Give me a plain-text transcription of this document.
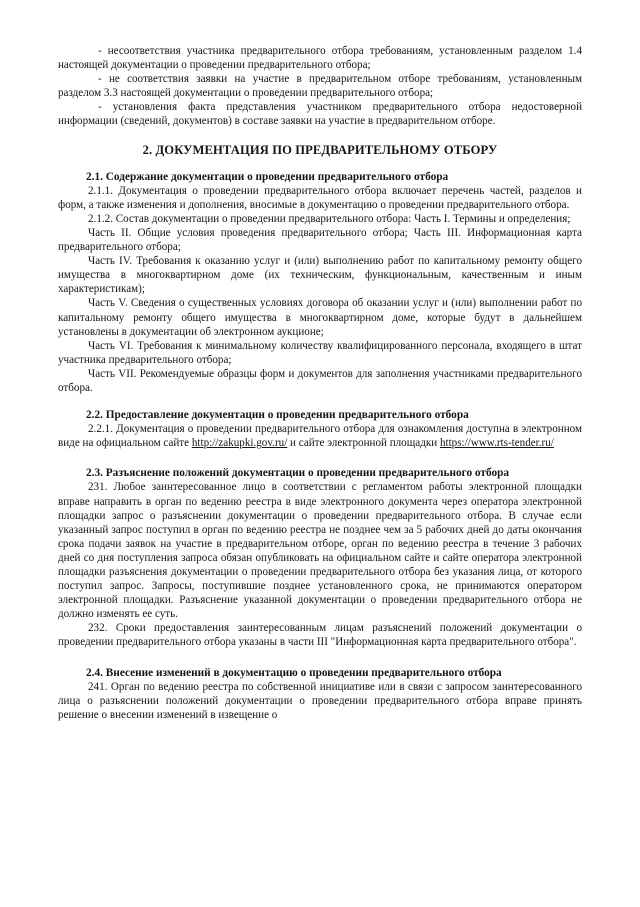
- несоответствия участника предварительного отбора требованиям, установленным разделом 1.4 настоящей документации о проведении предварительного отбора;

- не соответствия заявки на участие в предварительном отборе требованиям, установленным разделом 3.3 настоящей документации о проведении предварительного отбора;

- установления факта представления участником предварительного отбора недостоверной информации (сведений, документов) в составе заявки на участие в предварительном отборе.

2. ДОКУМЕНТАЦИЯ ПО ПРЕДВАРИТЕЛЬНОМУ ОТБОРУ

2.1. Содержание документации о проведении предварительного отбора

2.1.1. Документация о проведении предварительного отбора включает перечень частей, разделов и форм, а также изменения и дополнения, вносимые в документацию о проведении предварительного отбора.

2.1.2. Состав документации о проведении предварительного отбора: Часть I. Термины и определения;

Часть II. Общие условия проведения предварительного отбора; Часть III. Информационная карта предварительного отбора;

Часть IV. Требования к оказанию услуг и (или) выполнению работ по капитальному ремонту общего имущества в многоквартирном доме (их техническим, функциональным, качественным и иным характеристикам);

Часть V. Сведения о существенных условиях договора об оказании услуг и (или) выполнении работ по капитальному ремонту общего имущества в многоквартирном доме, которые будут в дальнейшем установлены в документации об электронном аукционе;

Часть VI. Требования к минимальному количеству квалифицированного персонала, входящего в штат участника предварительного отбора;

Часть VII. Рекомендуемые образцы форм и документов для заполнения участниками предварительного отбора.

2.2. Предоставление документации о проведении предварительного отбора

2.2.1. Документация о проведении предварительного отбора для ознакомления доступна в электронном виде на официальном сайте http://zakupki.gov.ru/ и сайте электронной площадки https://www.rts-tender.ru/

2.3. Разъяснение положений документации о проведении предварительного отбора

231. Любое заинтересованное лицо в соответствии с регламентом работы электронной площадки вправе направить в орган по ведению реестра в виде электронного документа через оператора электронной площадки запрос о разъяснении документации о проведении предварительного отбора. В случае если указанный запрос поступил в орган по ведению реестра не позднее чем за 5 рабочих дней до даты окончания срока подачи заявок на участие в предварительном отборе, орган по ведению реестра в течение 3 рабочих дней со дня поступления запроса обязан опубликовать на официальном сайте и сайте оператора электронной площадки разъяснения документации о проведении предварительного отбора без указания лица, от которого поступил запрос. Запросы, поступившие позднее установленного срока, не принимаются оператором электронной площадки. Разъяснение указанной документации о проведении предварительного отбора не должно изменять ее суть.

232. Сроки предоставления заинтересованным лицам разъяснений положений документации о проведении предварительного отбора указаны в части III "Информационная карта предварительного отбора".

2.4. Внесение изменений в документацию о проведении предварительного отбора

241. Орган по ведению реестра по собственной инициативе или в связи с запросом заинтересованного лица о разъяснении положений документации о проведении предварительного отбора вправе принять решение о внесении изменений в извещение о
